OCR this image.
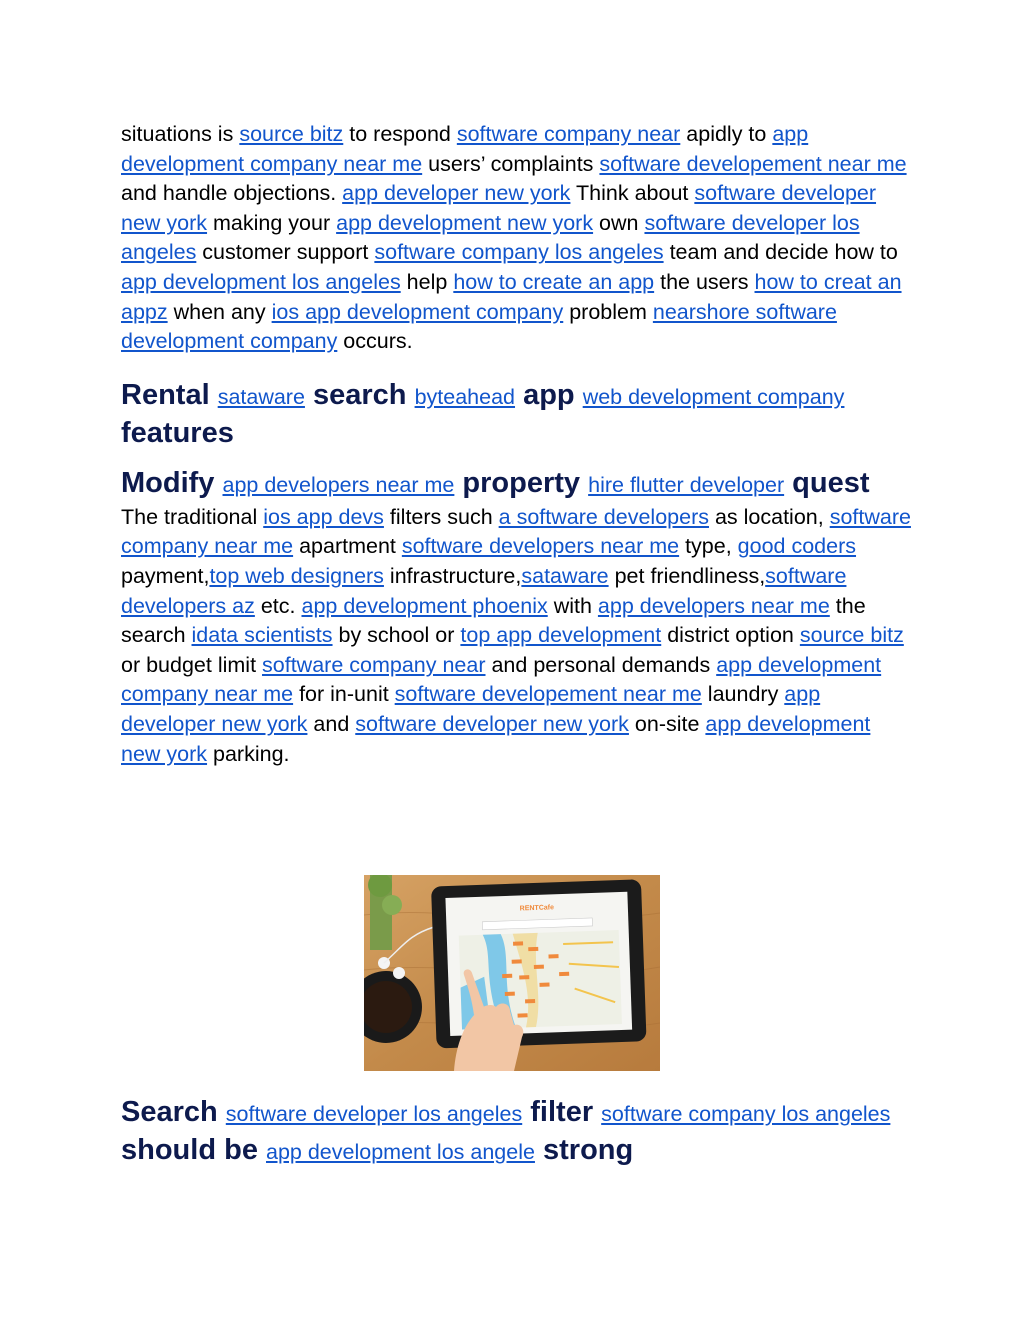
situations is source bitz to respond software company near apidly to app development company near me users’ complaints software developement near me and handle objections. app developer new york Think about software developer new york making your app development new york own software developer los angeles customer support software company los angeles team and decide how to app development los angeles help how to create an app the users how to creat an appz when any ios app development company problem nearshore software development company occurs.

Rental sataware search byteahead app web development company features
Modify app developers near me property hire flutter developer quest

The traditional ios app devs filters such a software developers as location, software company near me apartment software developers near me type, good coders payment,top web designers infrastructure,sataware pet friendliness,software developers az etc. app development phoenix with app developers near me the search idata scientists by school or top app development district option source bitz or budget limit software company near and personal demands app development company near me for in-unit software developement near me laundry app developer new york and software developer new york on-site app development new york parking.

RENTCafe
Search software developer los angeles filter software company los angeles should be app development los angele strong
